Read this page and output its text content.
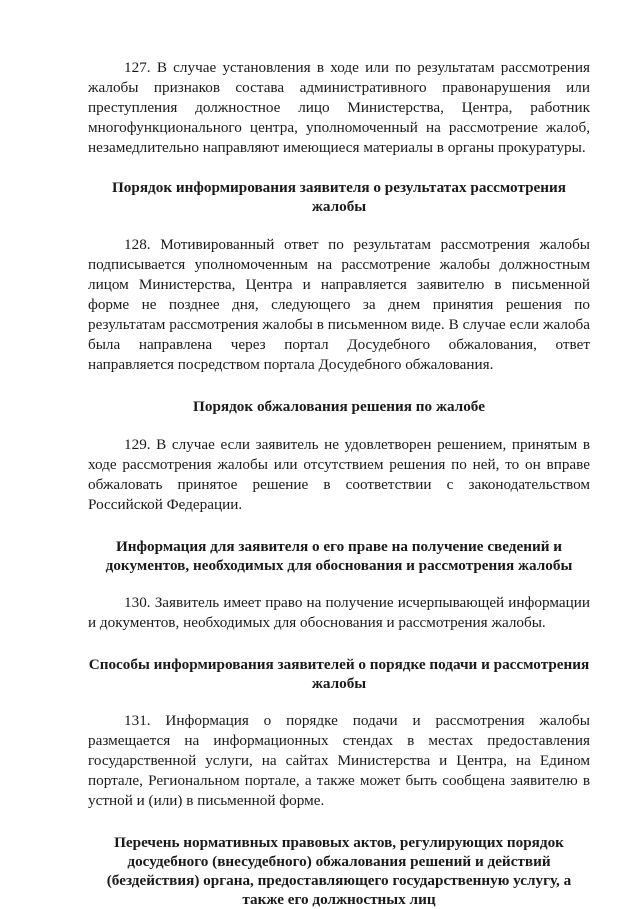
127. В случае установления в ходе или по результатам рассмотрения жалобы признаков состава административного правонарушения или преступления должностное лицо Министерства, Центра, работник многофункционального центра, уполномоченный на рассмотрение жалоб, незамедлительно направляют имеющиеся материалы в органы прокуратуры.

Порядок информирования заявителя о результатах рассмотрения жалобы

128. Мотивированный ответ по результатам рассмотрения жалобы подписывается уполномоченным на рассмотрение жалобы должностным лицом Министерства, Центра и направляется заявителю в письменной форме не позднее дня, следующего за днем принятия решения по результатам рассмотрения жалобы в письменном виде. В случае если жалоба была направлена через портал Досудебного обжалования, ответ направляется посредством портала Досудебного обжалования.

Порядок обжалования решения по жалобе

129. В случае если заявитель не удовлетворен решением, принятым в ходе рассмотрения жалобы или отсутствием решения по ней, то он вправе обжаловать принятое решение в соответствии с законодательством Российской Федерации.

Информация для заявителя о его праве на получение сведений и документов, необходимых для обоснования и рассмотрения жалобы

130. Заявитель имеет право на получение исчерпывающей информации и документов, необходимых для обоснования и рассмотрения жалобы.

Способы информирования заявителей о порядке подачи и рассмотрения жалобы

131. Информация о порядке подачи и рассмотрения жалобы размещается на информационных стендах в местах предоставления государственной услуги, на сайтах Министерства и Центра, на Едином портале, Региональном портале, а также может быть сообщена заявителю в устной и (или) в письменной форме.

Перечень нормативных правовых актов, регулирующих порядок досудебного (внесудебного) обжалования решений и действий (бездействия) органа, предоставляющего государственную услугу, а также его должностных лиц
